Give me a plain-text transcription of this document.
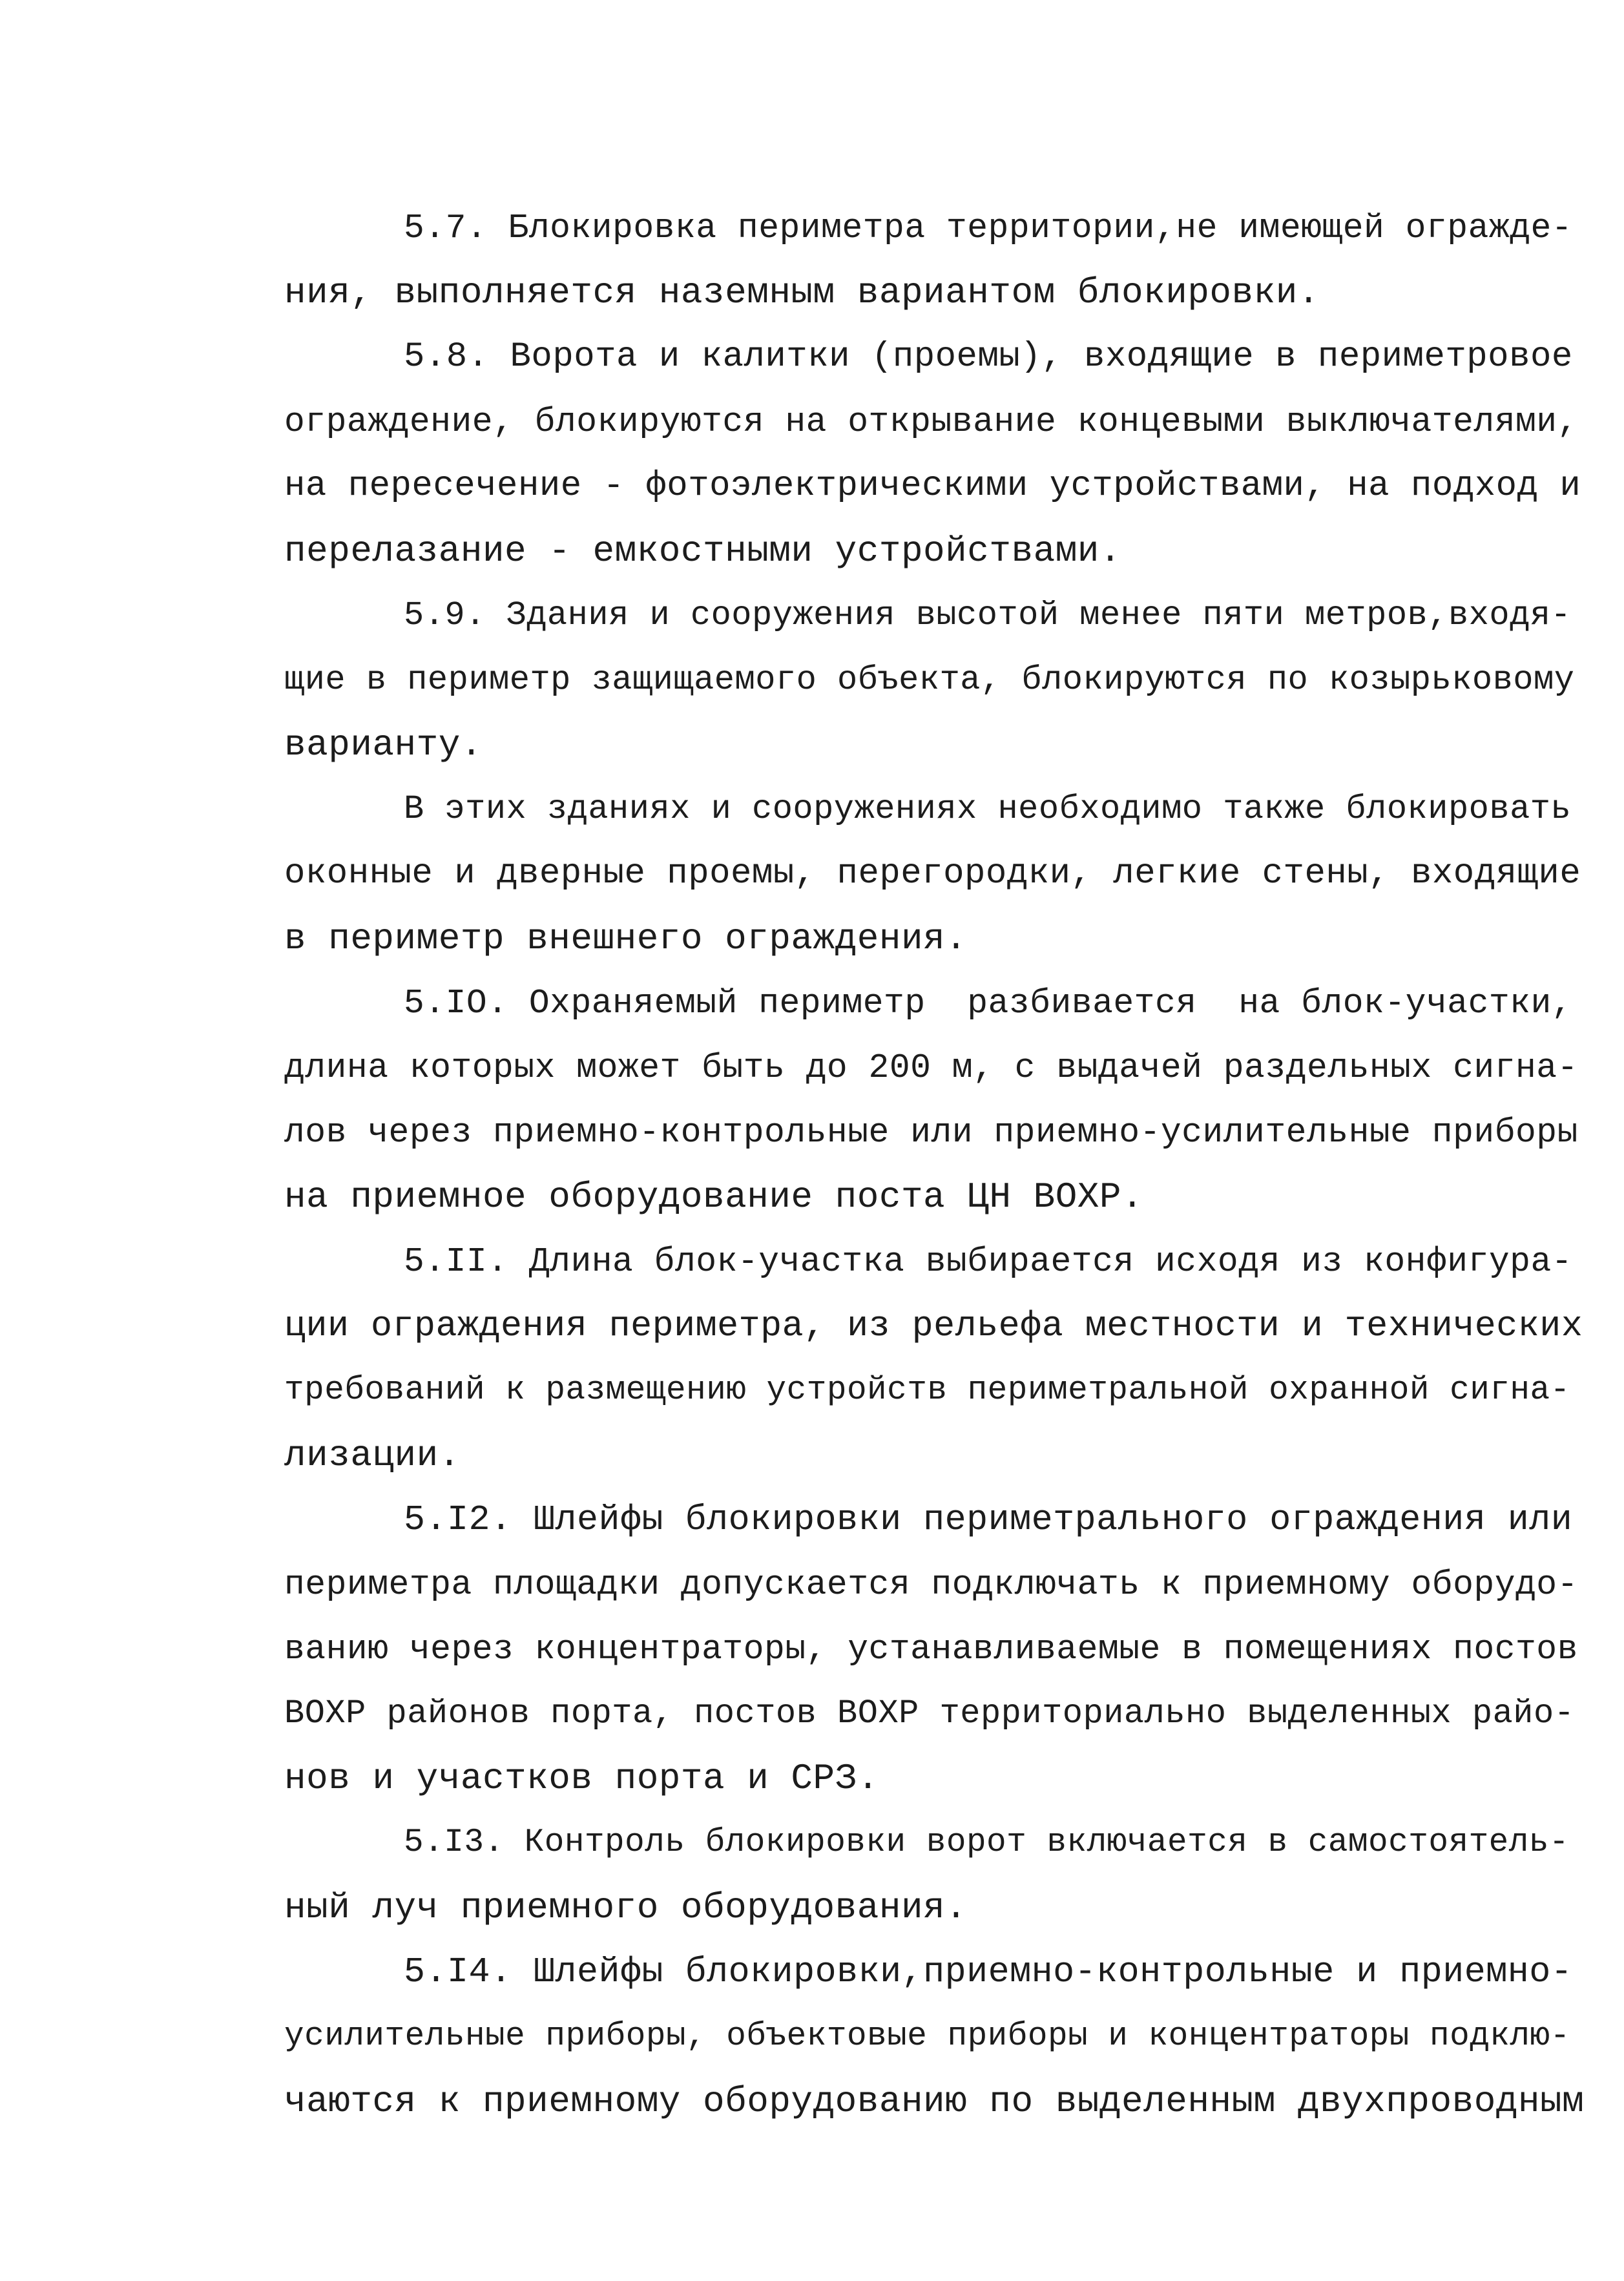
5.7. Блокировка периметра территории,не имеющей огражде-

ния, выполняется наземным вариантом блокировки.

5.8. Ворота и калитки (проемы), входящие в периметровое

ограждение, блокируются на открывание концевыми выключателями,

на пересечение - фотоэлектрическими устройствами, на подход и

перелазание - емкостными устройствами.

5.9. Здания и сооружения высотой менее пяти метров,входя-

щие в периметр защищаемого объекта, блокируются по козырьковому

варианту.

В этих зданиях и сооружениях необходимо также блокировать

оконные и дверные проемы, перегородки, легкие стены, входящие

в периметр внешнего ограждения.

5.IO. Охраняемый периметр  разбивается  на блок-участки,

длина которых может быть до 200 м, с выдачей раздельных сигна-

лов через приемно-контрольные или приемно-усилительные приборы

на приемное оборудование поста ЦН ВОХР.

5.II. Длина блок-участка выбирается исходя из конфигура-

ции ограждения периметра, из рельефа местности и технических

требований к размещению устройств периметральной охранной сигна-

лизации.

5.I2. Шлейфы блокировки периметрального ограждения или

периметра площадки допускается подключать к приемному оборудо-

ванию через концентраторы, устанавливаемые в помещениях постов

ВОХР районов порта, постов ВОХР территориально выделенных райо-

нов и участков порта и СРЗ.

5.I3. Контроль блокировки ворот включается в самостоятель-

ный луч приемного оборудования.

5.I4. Шлейфы блокировки,приемно-контрольные и приемно-

усилительные приборы, объектовые приборы и концентраторы подклю-

чаются к приемному оборудованию по выделенным двухпроводным
